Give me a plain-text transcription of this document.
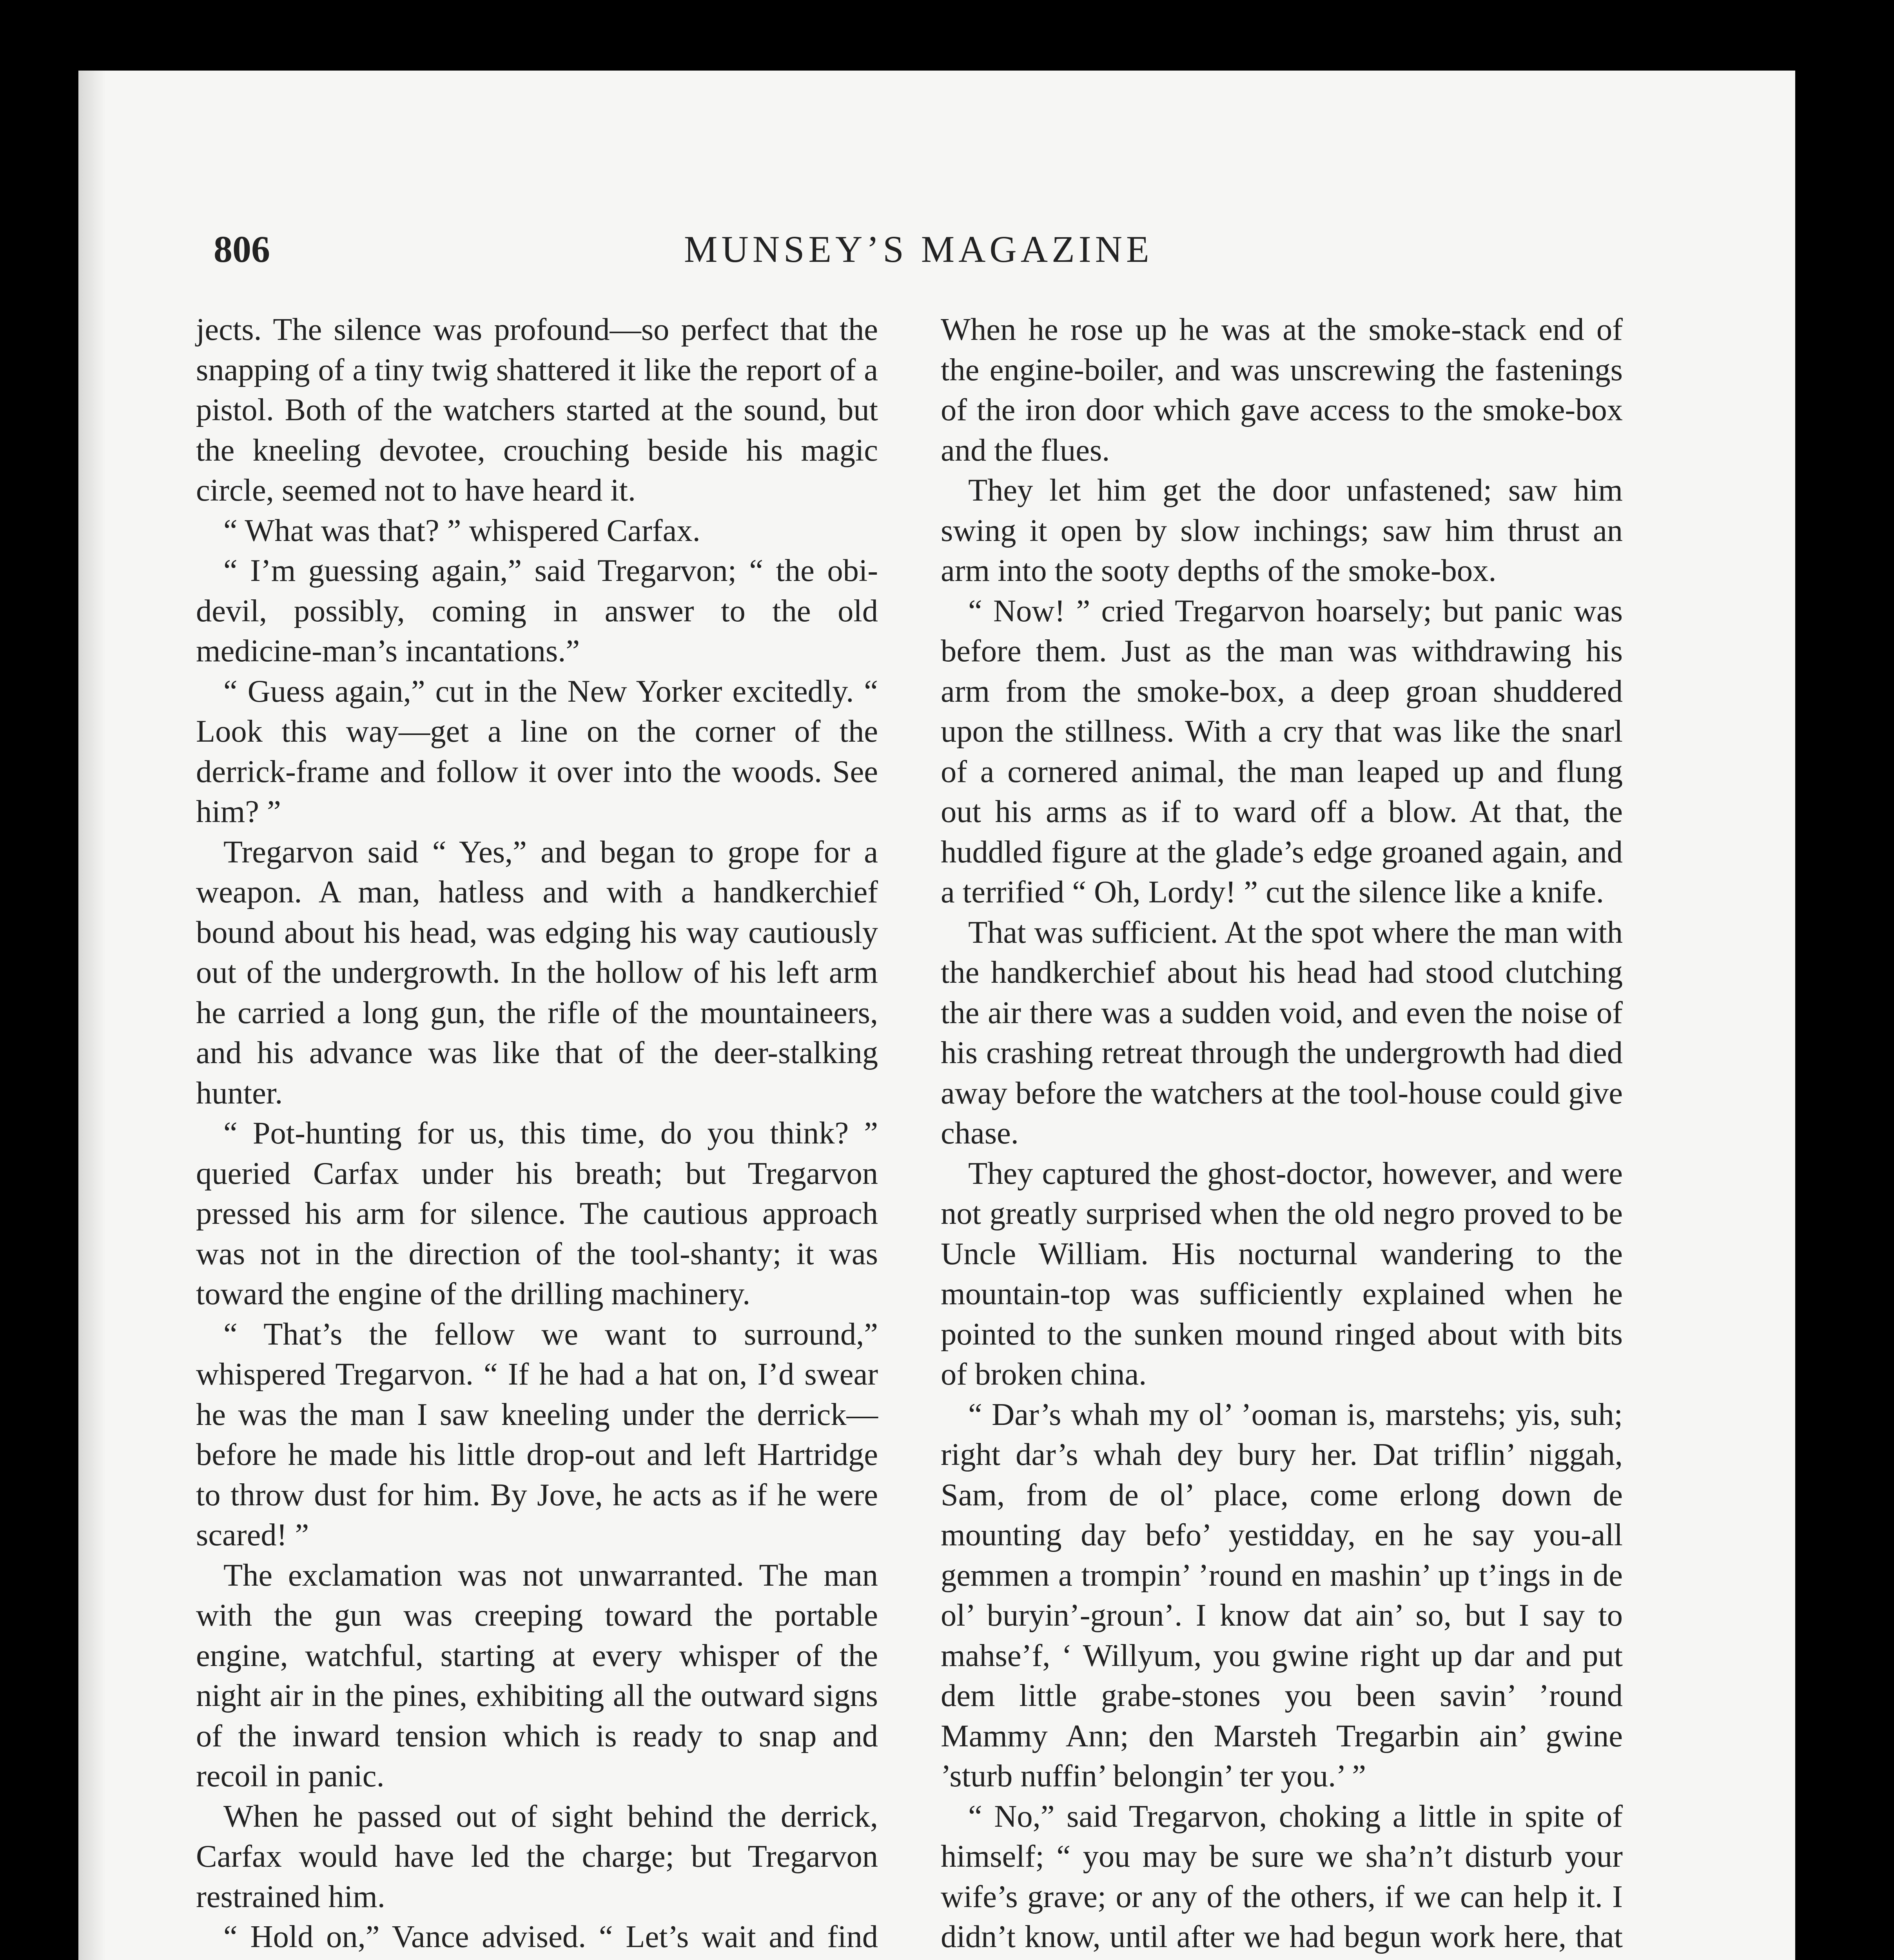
806	MUNSEY’S MAGAZINE

jects. The silence was profound—so perfect that the snapping of a tiny twig shattered it like the report of a pistol. Both of the watchers started at the sound, but the kneeling devotee, crouching beside his magic circle, seemed not to have heard it.

“ What was that? ” whispered Carfax.

“ I’m guessing again,” said Tregarvon; “ the obi-devil, possibly, coming in answer to the old medicine-man’s incantations.”

“ Guess again,” cut in the New Yorker excitedly. “ Look this way—get a line on the corner of the derrick-frame and follow it over into the woods. See him? ”

Tregarvon said “ Yes,” and began to grope for a weapon. A man, hatless and with a handkerchief bound about his head, was edging his way cautiously out of the undergrowth. In the hollow of his left arm he carried a long gun, the rifle of the mountaineers, and his advance was like that of the deer-stalking hunter.

“ Pot-hunting for us, this time, do you think? ” queried Carfax under his breath; but Tregarvon pressed his arm for silence. The cautious approach was not in the direction of the tool-shanty; it was toward the engine of the drilling machinery.

“ That’s the fellow we want to surround,” whispered Tregarvon. “ If he had a hat on, I’d swear he was the man I saw kneeling under the derrick—before he made his little drop-out and left Hartridge to throw dust for him. By Jove, he acts as if he were scared! ”

The exclamation was not unwarranted. The man with the gun was creeping toward the portable engine, watchful, starting at every whisper of the night air in the pines, exhibiting all the outward signs of the inward tension which is ready to snap and recoil in panic.

When he passed out of sight behind the derrick, Carfax would have led the charge; but Tregarvon restrained him.

“ Hold on,” Vance advised. “ Let’s wait and find

When he rose up he was at the smoke-stack end of the engine-boiler, and was unscrewing the fastenings of the iron door which gave access to the smoke-box and the flues.

They let him get the door unfastened; saw him swing it open by slow inchings; saw him thrust an arm into the sooty depths of the smoke-box.

“ Now! ” cried Tregarvon hoarsely; but panic was before them. Just as the man was withdrawing his arm from the smoke-box, a deep groan shuddered upon the stillness. With a cry that was like the snarl of a cornered animal, the man leaped up and flung out his arms as if to ward off a blow. At that, the huddled figure at the glade’s edge groaned again, and a terrified “ Oh, Lordy! ” cut the silence like a knife.

That was sufficient. At the spot where the man with the handkerchief about his head had stood clutching the air there was a sudden void, and even the noise of his crashing retreat through the undergrowth had died away before the watchers at the tool-house could give chase.

They captured the ghost-doctor, however, and were not greatly surprised when the old negro proved to be Uncle William. His nocturnal wandering to the mountain-top was sufficiently explained when he pointed to the sunken mound ringed about with bits of broken china.

“ Dar’s whah my ol’ ’ooman is, marstehs; yis, suh; right dar’s whah dey bury her. Dat triflin’ niggah, Sam, from de ol’ place, come erlong down de mounting day befo’ yestidday, en he say you-all gemmen a trompin’ ’round en mashin’ up t’ings in de ol’ buryin’-groun’. I know dat ain’ so, but I say to mahse’f, ‘ Willyum, you gwine right up dar and put dem little grabe-stones you been savin’ ’round Mammy Ann; den Marsteh Tregarbin ain’ gwine ’sturb nuffin’ belongin’ ter you.’ ”

“ No,” said Tregarvon, choking a little in spite of himself; “ you may be sure we sha’n’t disturb your wife’s grave; or any of the others, if we can help it. I didn’t know, until after we had begun work here, that
